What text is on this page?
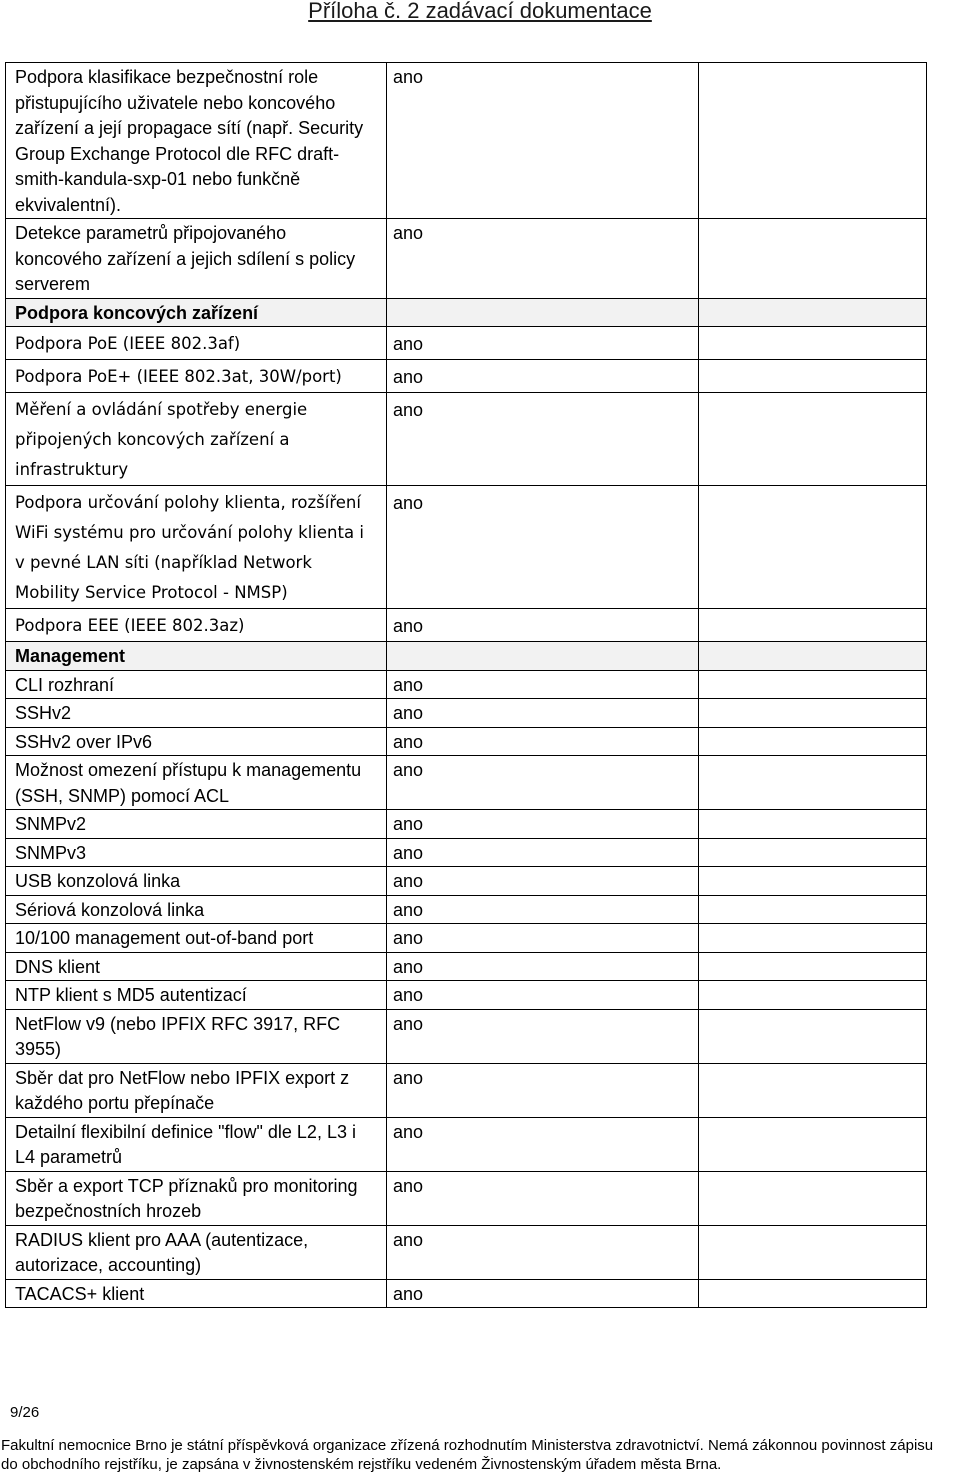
Příloha č. 2 zadávací dokumentace
Podpora klasifikace bezpečnostní role přistupujícího uživatele nebo koncového zařízení a její propagace sítí (např. Security Group Exchange Protocol dle RFC draft-smith-kandula-sxp-01 nebo funkčně ekvivalentní).	ano	
Detekce parametrů připojovaného koncového zařízení a jejich sdílení s policy serverem	ano	
Podpora koncových zařízení		
Podpora PoE (IEEE 802.3af)	ano	
Podpora PoE+ (IEEE 802.3at, 30W/port)	ano	
Měření a ovládání spotřeby energie připojených koncových zařízení a infrastruktury	ano	
Podpora určování polohy klienta, rozšíření WiFi systému pro určování polohy klienta i v pevné LAN síti (například Network Mobility Service Protocol - NMSP)	ano	
Podpora EEE (IEEE 802.3az)	ano	
Management		
CLI rozhraní	ano	
SSHv2	ano	
SSHv2 over IPv6	ano	
Možnost omezení přístupu k managementu (SSH, SNMP) pomocí ACL	ano	
SNMPv2	ano	
SNMPv3	ano	
USB konzolová linka	ano	
Sériová konzolová linka	ano	
10/100 management out-of-band port	ano	
DNS klient	ano	
NTP klient s MD5 autentizací	ano	
NetFlow v9 (nebo IPFIX RFC 3917, RFC 3955)	ano	
Sběr dat pro NetFlow nebo IPFIX export z každého portu přepínače	ano	
Detailní flexibilní definice "flow" dle L2, L3 i L4 parametrů	ano	
Sběr a export TCP příznaků pro monitoring bezpečnostních hrozeb	ano	
RADIUS klient pro AAA (autentizace, autorizace, accounting)	ano	
TACACS+ klient	ano	
9/26
Fakultní nemocnice Brno je státní příspěvková organizace zřízená rozhodnutím Ministerstva zdravotnictví. Nemá zákonnou povinnost zápisu
do obchodního rejstříku, je zapsána v živnostenském rejstříku vedeném Živnostenským úřadem města Brna.
